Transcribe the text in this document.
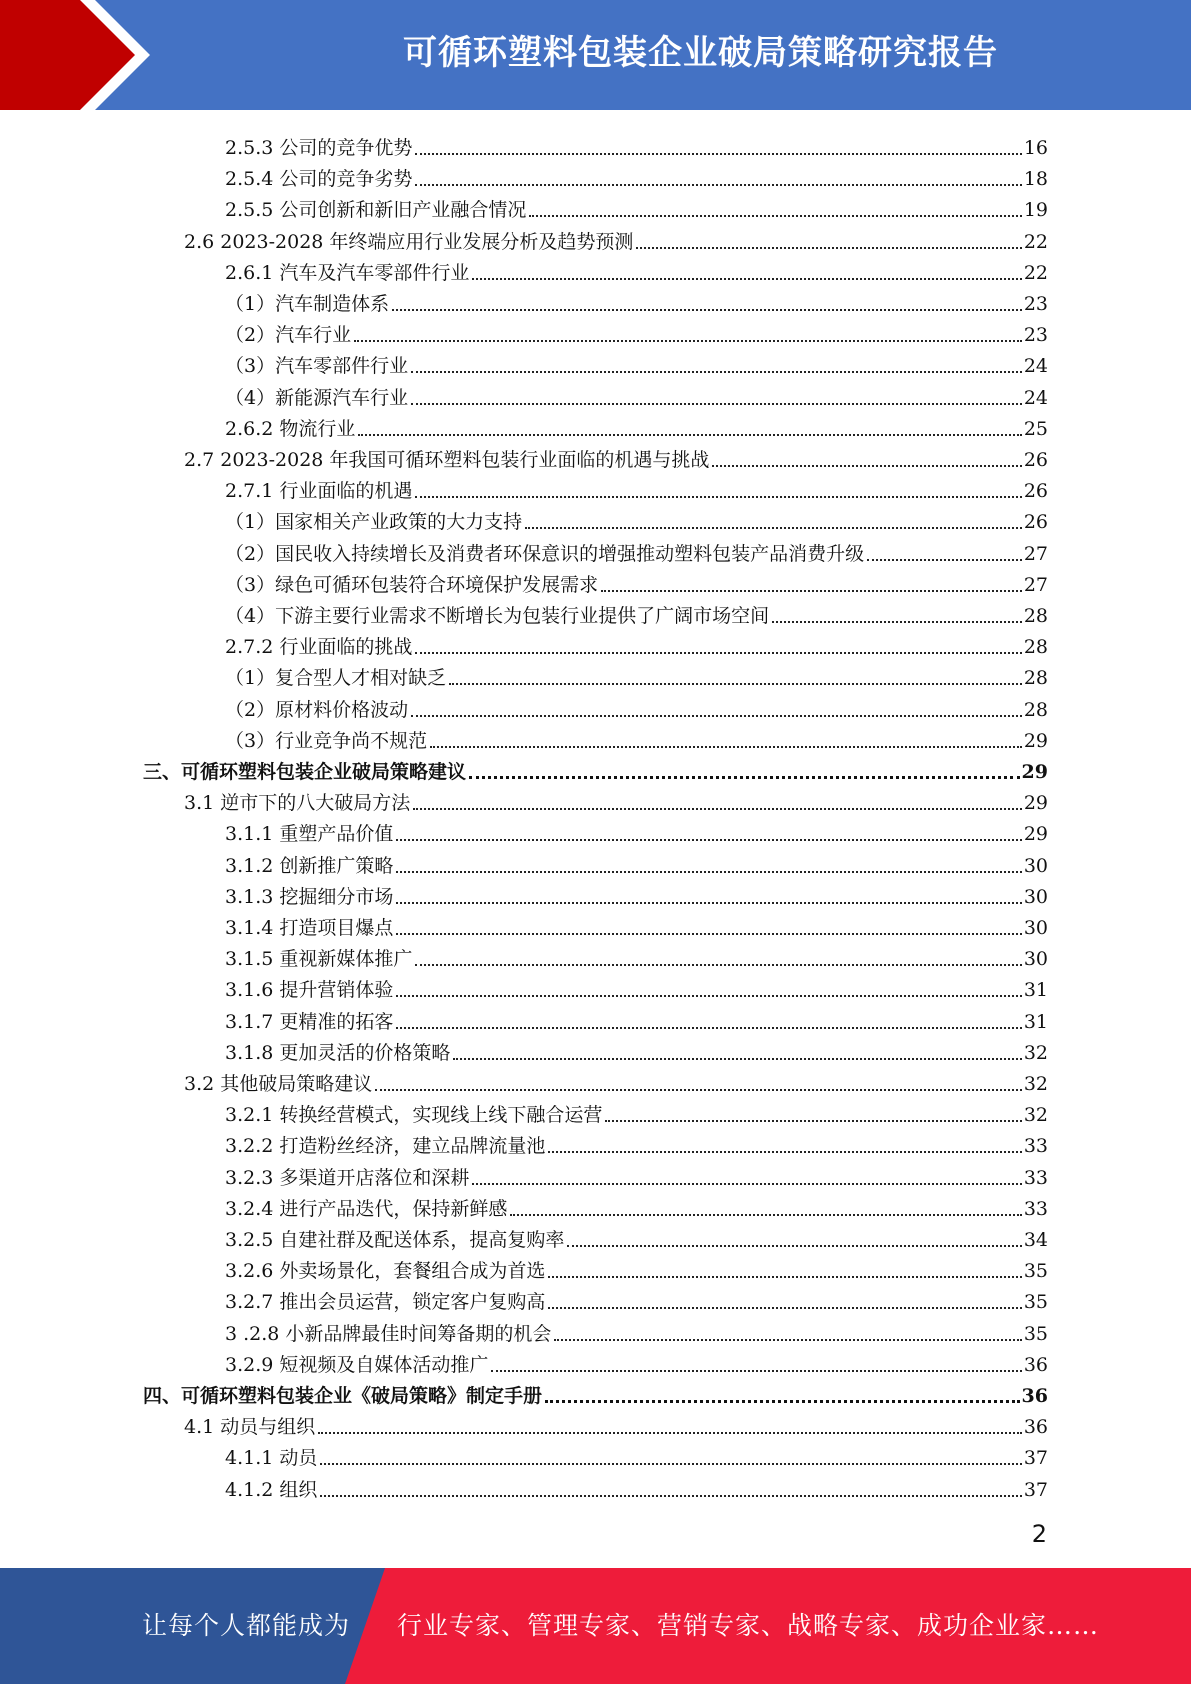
可循环塑料包装企业破局策略研究报告
2.5.3 公司的竞争优势	16
2.5.4 公司的竞争劣势	18
2.5.5 公司创新和新旧产业融合情况	19
2.6 2023-2028 年终端应用行业发展分析及趋势预测	22
2.6.1 汽车及汽车零部件行业	22
（1）汽车制造体系	23
（2）汽车行业	23
（3）汽车零部件行业	24
（4）新能源汽车行业	24
2.6.2 物流行业	25
2.7 2023-2028 年我国可循环塑料包装行业面临的机遇与挑战	26
2.7.1 行业面临的机遇	26
（1）国家相关产业政策的大力支持	26
（2）国民收入持续增长及消费者环保意识的增强推动塑料包装产品消费升级	27
（3）绿色可循环包装符合环境保护发展需求	27
（4）下游主要行业需求不断增长为包装行业提供了广阔市场空间	28
2.7.2 行业面临的挑战	28
（1）复合型人才相对缺乏	28
（2）原材料价格波动	28
（3）行业竞争尚不规范	29
三、可循环塑料包装企业破局策略建议	29
3.1 逆市下的八大破局方法	29
3.1.1 重塑产品价值	29
3.1.2 创新推广策略	30
3.1.3 挖掘细分市场	30
3.1.4 打造项目爆点	30
3.1.5 重视新媒体推广	30
3.1.6 提升营销体验	31
3.1.7 更精准的拓客	31
3.1.8 更加灵活的价格策略	32
3.2 其他破局策略建议	32
3.2.1 转换经营模式，实现线上线下融合运营	32
3.2.2 打造粉丝经济，建立品牌流量池	33
3.2.3 多渠道开店落位和深耕	33
3.2.4 进行产品迭代，保持新鲜感	33
3.2.5 自建社群及配送体系，提高复购率	34
3.2.6 外卖场景化，套餐组合成为首选	35
3.2.7 推出会员运营，锁定客户复购高	35
3 .2.8 小新品牌最佳时间筹备期的机会	35
3.2.9 短视频及自媒体活动推广	36
四、可循环塑料包装企业《破局策略》制定手册	36
4.1 动员与组织	36
4.1.1 动员	37
4.1.2 组织	37
2
让每个人都能成为 行业专家、管理专家、营销专家、战略专家、成功企业家……
